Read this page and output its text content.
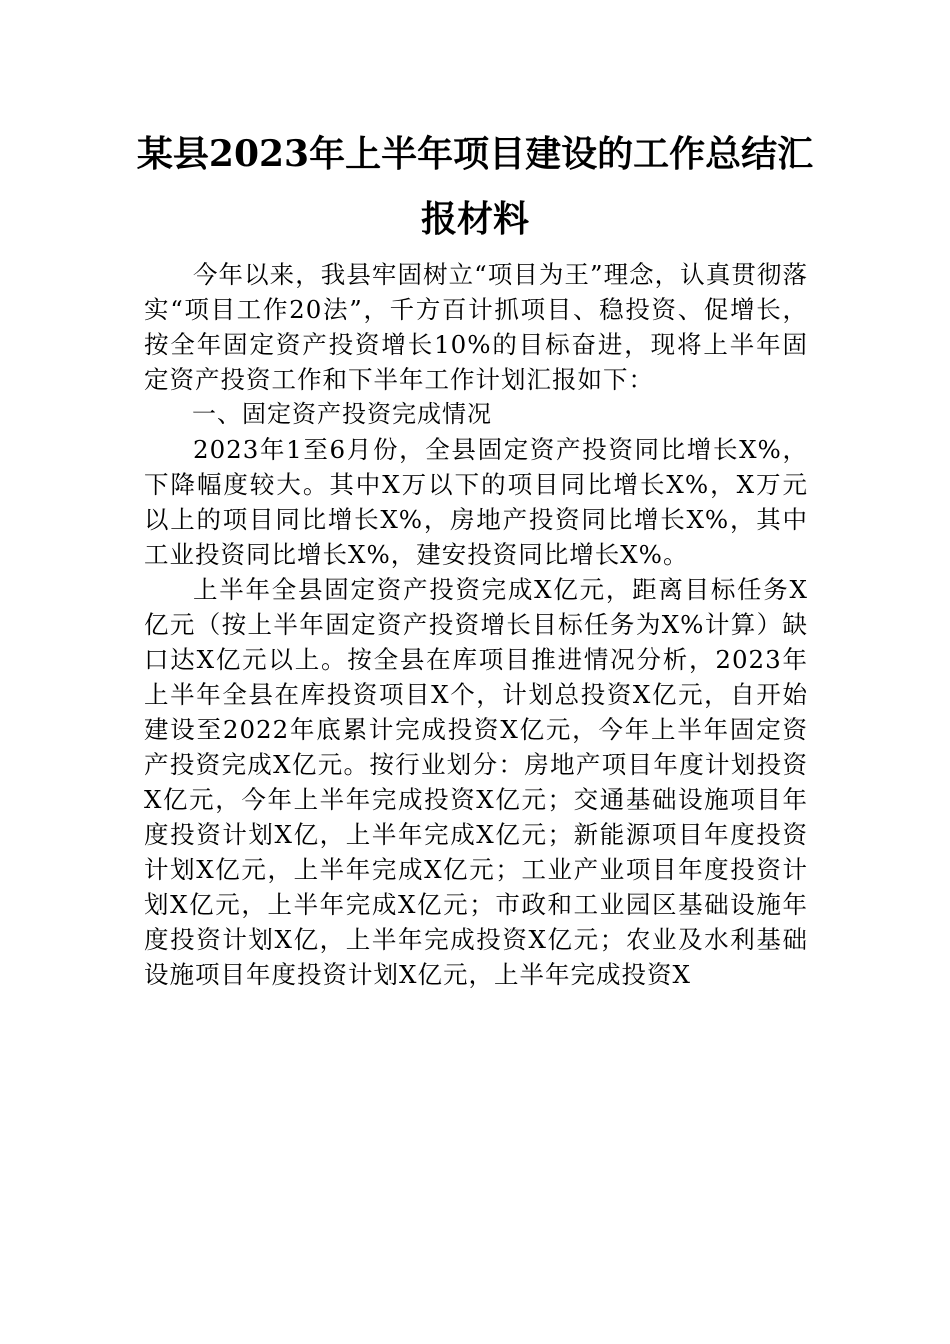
某县2023年上半年项目建设的工作总结汇
报材料

今年以来，我县牢固树立“项目为王”理念，认真贯彻落实“项目工作20法”，千方百计抓项目、稳投资、促增长，按全年固定资产投资增长10%的目标奋进，现将上半年固定资产投资工作和下半年工作计划汇报如下：

一、固定资产投资完成情况

2023年1至6月份，全县固定资产投资同比增长X%，下降幅度较大。其中X万以下的项目同比增长X%，X万元以上的项目同比增长X%，房地产投资同比增长X%，其中工业投资同比增长X%，建安投资同比增长X%。

上半年全县固定资产投资完成X亿元，距离目标任务X亿元（按上半年固定资产投资增长目标任务为X%计算）缺口达X亿元以上。按全县在库项目推进情况分析，2023年上半年全县在库投资项目X个，计划总投资X亿元，自开始建设至2022年底累计完成投资X亿元，今年上半年固定资产投资完成X亿元。按行业划分：房地产项目年度计划投资X亿元，今年上半年完成投资X亿元；交通基础设施项目年度投资计划X亿，上半年完成X亿元；新能源项目年度投资计划X亿元，上半年完成X亿元；工业产业项目年度投资计划X亿元，上半年完成X亿元；市政和工业园区基础设施年度投资计划X亿，上半年完成投资X亿元；农业及水利基础设施项目年度投资计划X亿元，上半年完成投资X
